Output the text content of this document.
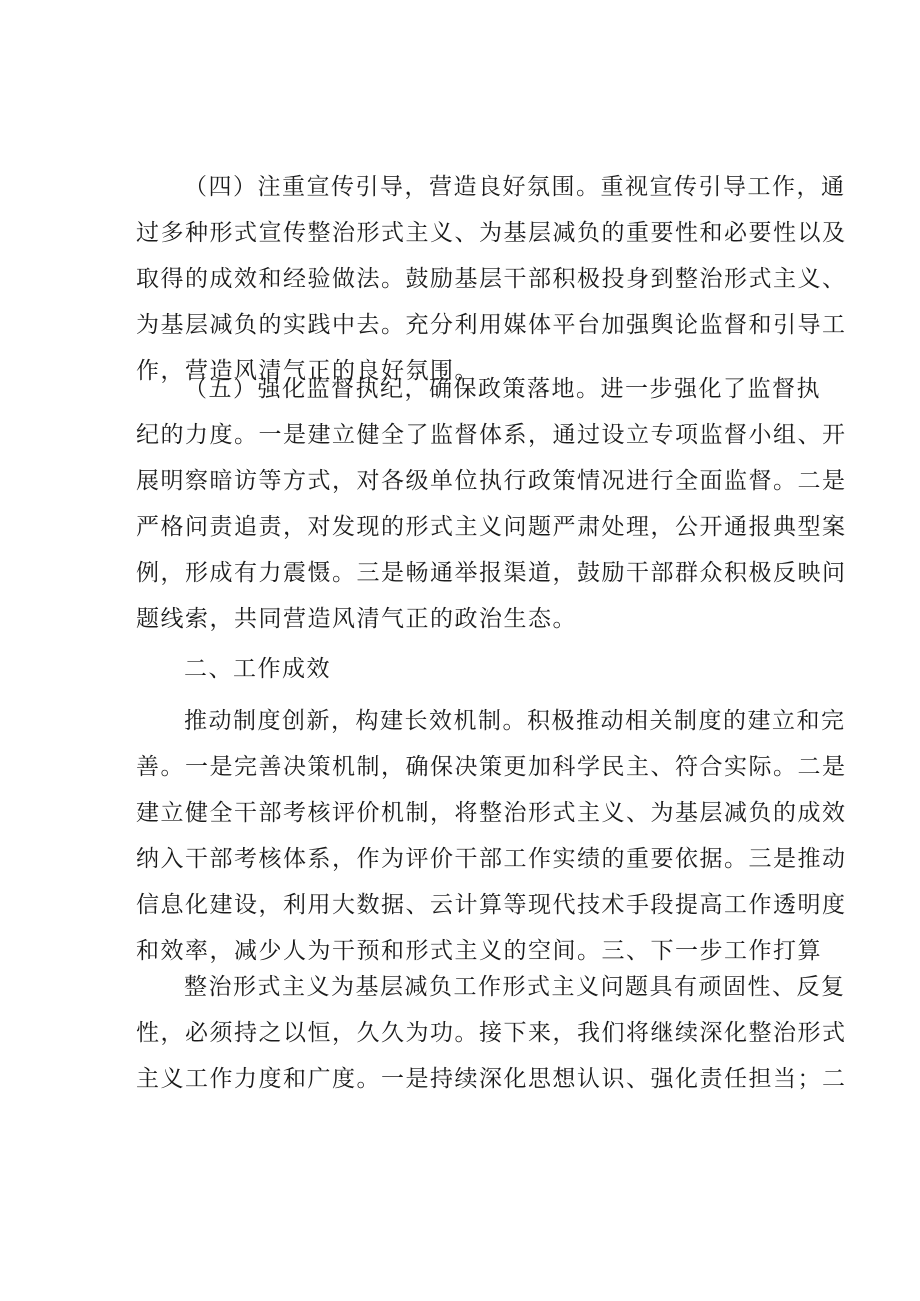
（四）注重宣传引导，营造良好氛围。重视宣传引导工作，通
过多种形式宣传整治形式主义、为基层减负的重要性和必要性以及
取得的成效和经验做法。鼓励基层干部积极投身到整治形式主义、
为基层减负的实践中去。充分利用媒体平台加强舆论监督和引导工
作，营造风清气正的良好氛围。
（五）强化监督执纪，确保政策落地。进一步强化了监督执
纪的力度。一是建立健全了监督体系，通过设立专项监督小组、开
展明察暗访等方式，对各级单位执行政策情况进行全面监督。二是
严格问责追责，对发现的形式主义问题严肃处理，公开通报典型案
例，形成有力震慑。三是畅通举报渠道，鼓励干部群众积极反映问
题线索，共同营造风清气正的政治生态。
二、工作成效
推动制度创新，构建长效机制。积极推动相关制度的建立和完
善。一是完善决策机制，确保决策更加科学民主、符合实际。二是
建立健全干部考核评价机制，将整治形式主义、为基层减负的成效
纳入干部考核体系，作为评价干部工作实绩的重要依据。三是推动
信息化建设，利用大数据、云计算等现代技术手段提高工作透明度
和效率，减少人为干预和形式主义的空间。三、下一步工作打算
整治形式主义为基层减负工作形式主义问题具有顽固性、反复
性，必须持之以恒，久久为功。接下来，我们将继续深化整治形式
主义工作力度和广度。一是持续深化思想认识、强化责任担当；二
